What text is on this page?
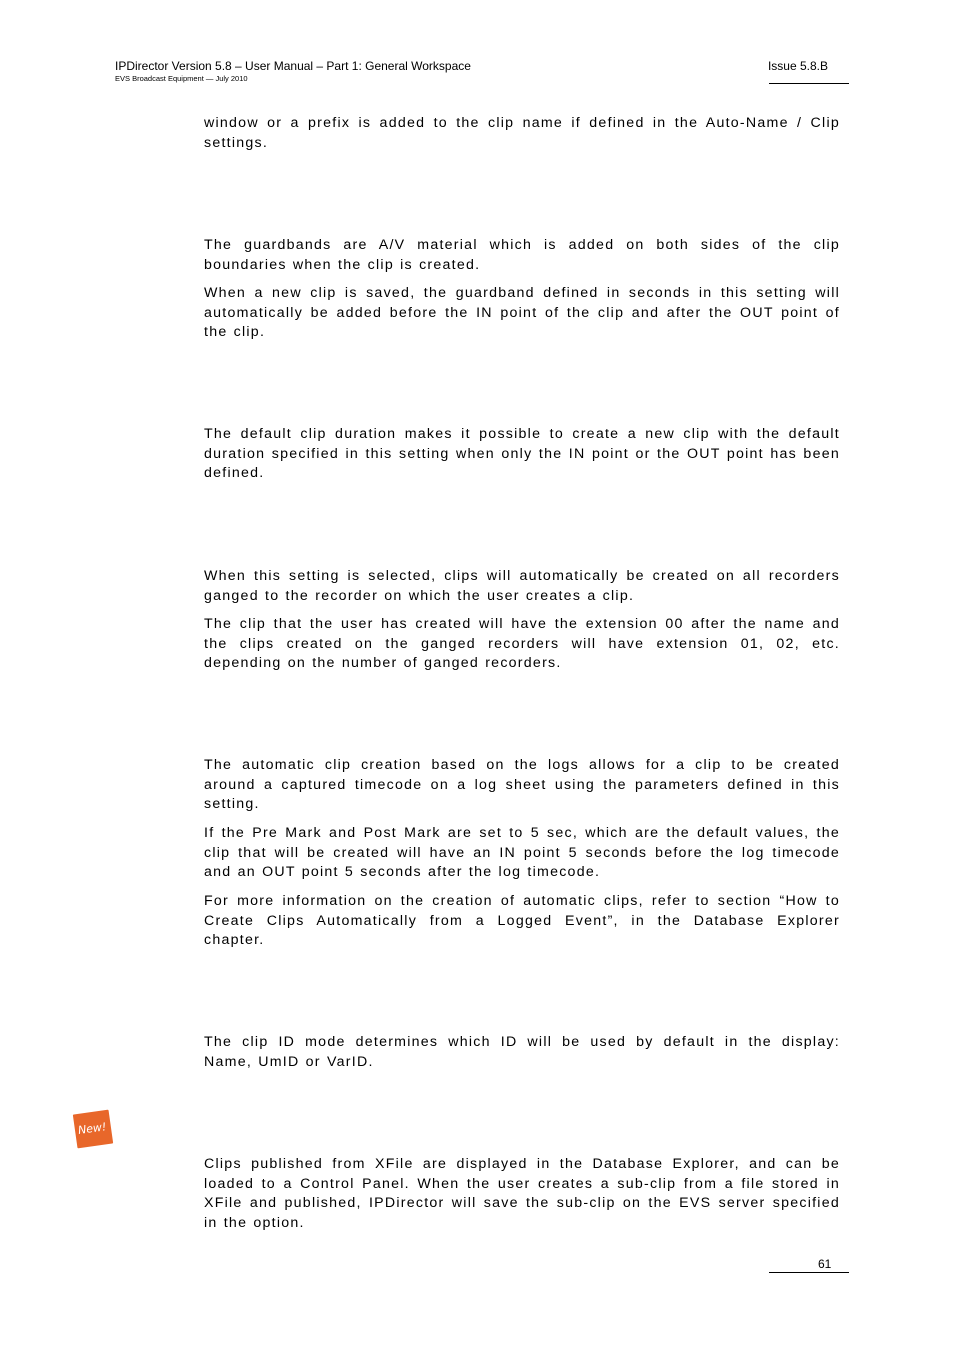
IPDirector Version 5.8 – User Manual – Part 1: General Workspace
EVS Broadcast Equipment — July 2010
Issue 5.8.B

window or a prefix is added to the clip name if defined in the Auto-Name / Clip settings.

The guardbands are A/V material which is added on both sides of the clip boundaries when the clip is created.

When a new clip is saved, the guardband defined in seconds in this setting will automatically be added before the IN point of the clip and after the OUT point of the clip.

The default clip duration makes it possible to create a new clip with the default duration specified in this setting when only the IN point or the OUT point has been defined.

When this setting is selected, clips will automatically be created on all recorders ganged to the recorder on which the user creates a clip.

The clip that the user has created will have the extension 00 after the name and the clips created on the ganged recorders will have extension 01, 02, etc. depending on the number of ganged recorders.

The automatic clip creation based on the logs allows for a clip to be created around a captured timecode on a log sheet using the parameters defined in this setting.

If the Pre Mark and Post Mark are set to 5 sec, which are the default values, the clip that will be created will have an IN point 5 seconds before the log timecode and an OUT point 5 seconds after the log timecode.

For more information on the creation of automatic clips, refer to section “How to Create Clips Automatically from a Logged Event”, in the Database Explorer chapter.

The clip ID mode determines which ID will be used by default in the display: Name, UmID or VarID.

Clips published from XFile are displayed in the Database Explorer, and can be loaded to a Control Panel. When the user creates a sub-clip from a file stored in XFile and published, IPDirector will save the sub-clip on the EVS server specified in the option.

New!
61
